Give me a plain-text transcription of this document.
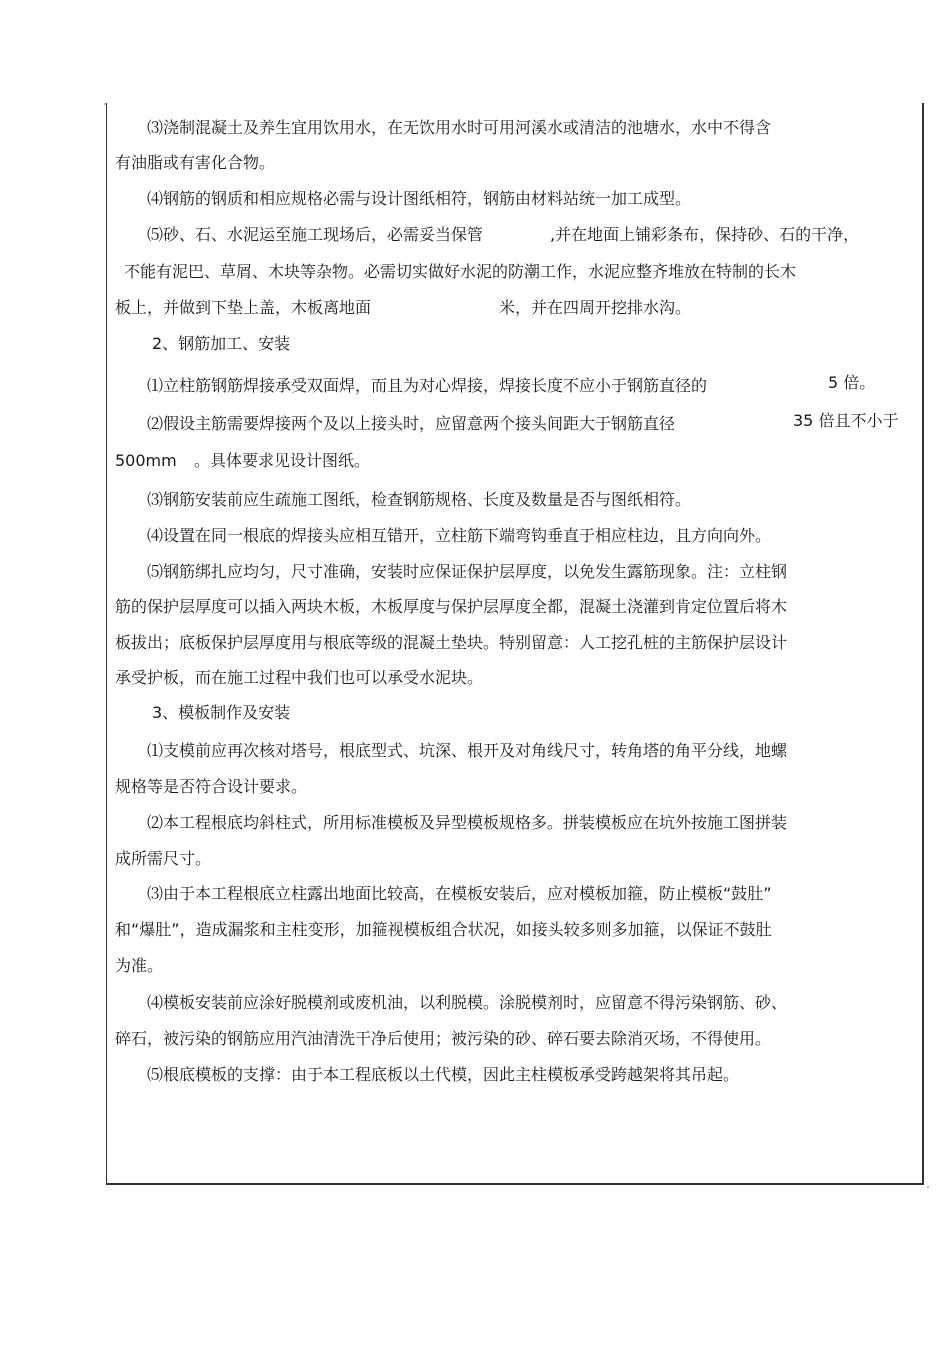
⑶浇制混凝土及养生宜用饮用水，在无饮用水时可用河溪水或清洁的池塘水，水中不得含
有油脂或有害化合物。
⑷钢筋的钢质和相应规格必需与设计图纸相符，钢筋由材料站统一加工成型。
⑸砂、石、水泥运至施工现场后，必需妥当保管	,并在地面上铺彩条布，保持砂、石的干净，
不能有泥巴、草屑、木块等杂物。必需切实做好水泥的防潮工作，水泥应整齐堆放在特制的长木
板上，并做到下垫上盖，木板离地面	米，并在四周开挖排水沟。
2、钢筋加工、安装
⑴立柱筋钢筋焊接承受双面焊，而且为对心焊接，焊接长度不应小于钢筋直径的	5 倍。
⑵假设主筋需要焊接两个及以上接头时，应留意两个接头间距大于钢筋直径	35 倍且不小于
500mm 。具体要求见设计图纸。
⑶钢筋安装前应生疏施工图纸，检查钢筋规格、长度及数量是否与图纸相符。
⑷设置在同一根底的焊接头应相互错开，立柱筋下端弯钩垂直于相应柱边，且方向向外。
⑸钢筋绑扎应均匀，尺寸准确，安装时应保证保护层厚度，以免发生露筋现象。注：立柱钢
筋的保护层厚度可以插入两块木板，木板厚度与保护层厚度全都，混凝土浇灌到肯定位置后将木
板拔出；底板保护层厚度用与根底等级的混凝土垫块。特别留意：人工挖孔桩的主筋保护层设计
承受护板，而在施工过程中我们也可以承受水泥块。
3、模板制作及安装
⑴支模前应再次核对塔号，根底型式、坑深、根开及对角线尺寸，转角塔的角平分线，地螺
规格等是否符合设计要求。
⑵本工程根底均斜柱式，所用标准模板及异型模板规格多。拼装模板应在坑外按施工图拼装
成所需尺寸。
⑶由于本工程根底立柱露出地面比较高，在模板安装后，应对模板加箍，防止模板“鼓肚”
和“爆肚”，造成漏浆和主柱变形，加箍视模板组合状况，如接头较多则多加箍，以保证不鼓肚
为准。
⑷模板安装前应涂好脱模剂或废机油，以利脱模。涂脱模剂时，应留意不得污染钢筋、砂、
碎石，被污染的钢筋应用汽油清洗干净后使用；被污染的砂、碎石要去除消灭场，不得使用。
⑸根底模板的支撑：由于本工程底板以土代模，因此主柱模板承受跨越架将其吊起。
